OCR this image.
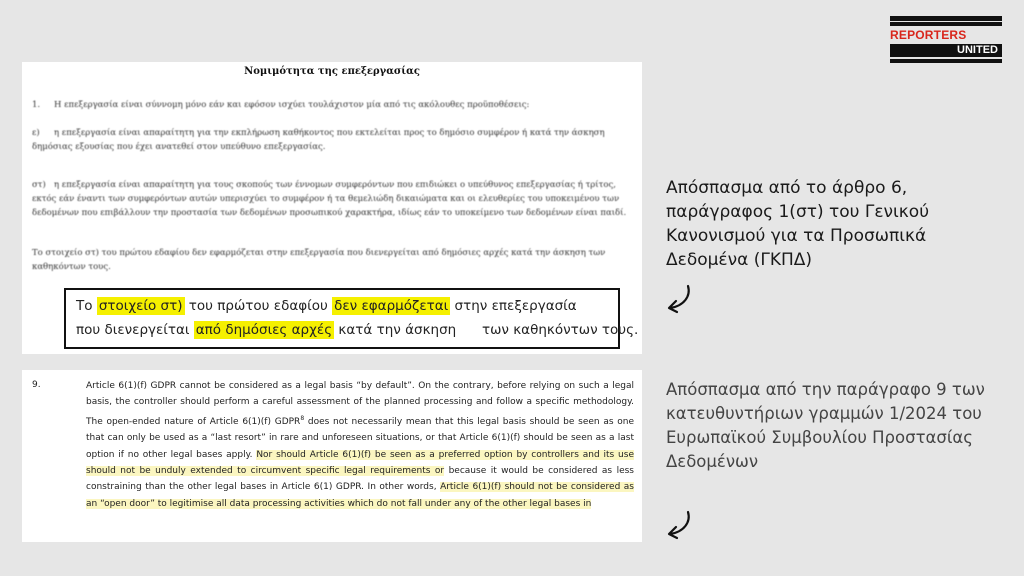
REPORTERS
UNITED
Νομιμότητα της επεξεργασίας
1. Η επεξεργασία είναι σύννομη μόνο εάν και εφόσον ισχύει τουλάχιστον μία από τις ακόλουθες προϋποθέσεις:
ε) η επεξεργασία είναι απαραίτητη για την εκπλήρωση καθήκοντος που εκτελείται προς το δημόσιο συμφέρον ή κατά την άσκηση δημόσιας εξουσίας που έχει ανατεθεί στον υπεύθυνο επεξεργασίας.
στ) η επεξεργασία είναι απαραίτητη για τους σκοπούς των έννομων συμφερόντων που επιδιώκει ο υπεύθυνος επεξεργασίας ή τρίτος, εκτός εάν έναντι των συμφερόντων αυτών υπερισχύει το συμφέρον ή τα θεμελιώδη δικαιώματα και οι ελευθερίες του υποκειμένου των δεδομένων που επιβάλλουν την προστασία των δεδομένων προσωπικού χαρακτήρα, ιδίως εάν το υποκείμενο των δεδομένων είναι παιδί.
Το στοιχείο στ) του πρώτου εδαφίου δεν εφαρμόζεται στην επεξεργασία που διενεργείται από δημόσιες αρχές κατά την άσκηση των καθηκόντων τους.
Το στοιχείο στ) του πρώτου εδαφίου δεν εφαρμόζεται στην επεξεργασία
που διενεργείται από δημόσιες αρχές κατά την άσκηση      των καθηκόντων τους.
9.	Article 6(1)(f) GDPR cannot be considered as a legal basis “by default”. On the contrary, before relying on such a legal basis, the controller should perform a careful assessment of the planned processing and follow a specific methodology. The open-ended nature of Article 6(1)(f) GDPR$^8$ does not necessarily mean that this legal basis should be seen as one that can only be used as a “last resort” in rare and unforeseen situations, or that Article 6(1)(f) should be seen as a last option if no other legal bases apply. Nor should Article 6(1)(f) be seen as a preferred option by controllers and its use should not be unduly extended to circumvent specific legal requirements or because it would be considered as less constraining than the other legal bases in Article 6(1) GDPR. In other words, Article 6(1)(f) should not be considered as an “open door” to legitimise all data processing activities which do not fall under any of the other legal bases in
Απόσπασμα από το άρθρο 6, παράγραφος 1(στ) του Γενικού Κανονισμού για τα Προσωπικά Δεδομένα (ΓΚΠΔ)
Απόσπασμα από την παράγραφο 9 των κατευθυντήριων γραμμών 1/2024 του Ευρωπαϊκού Συμβουλίου Προστασίας Δεδομένων
